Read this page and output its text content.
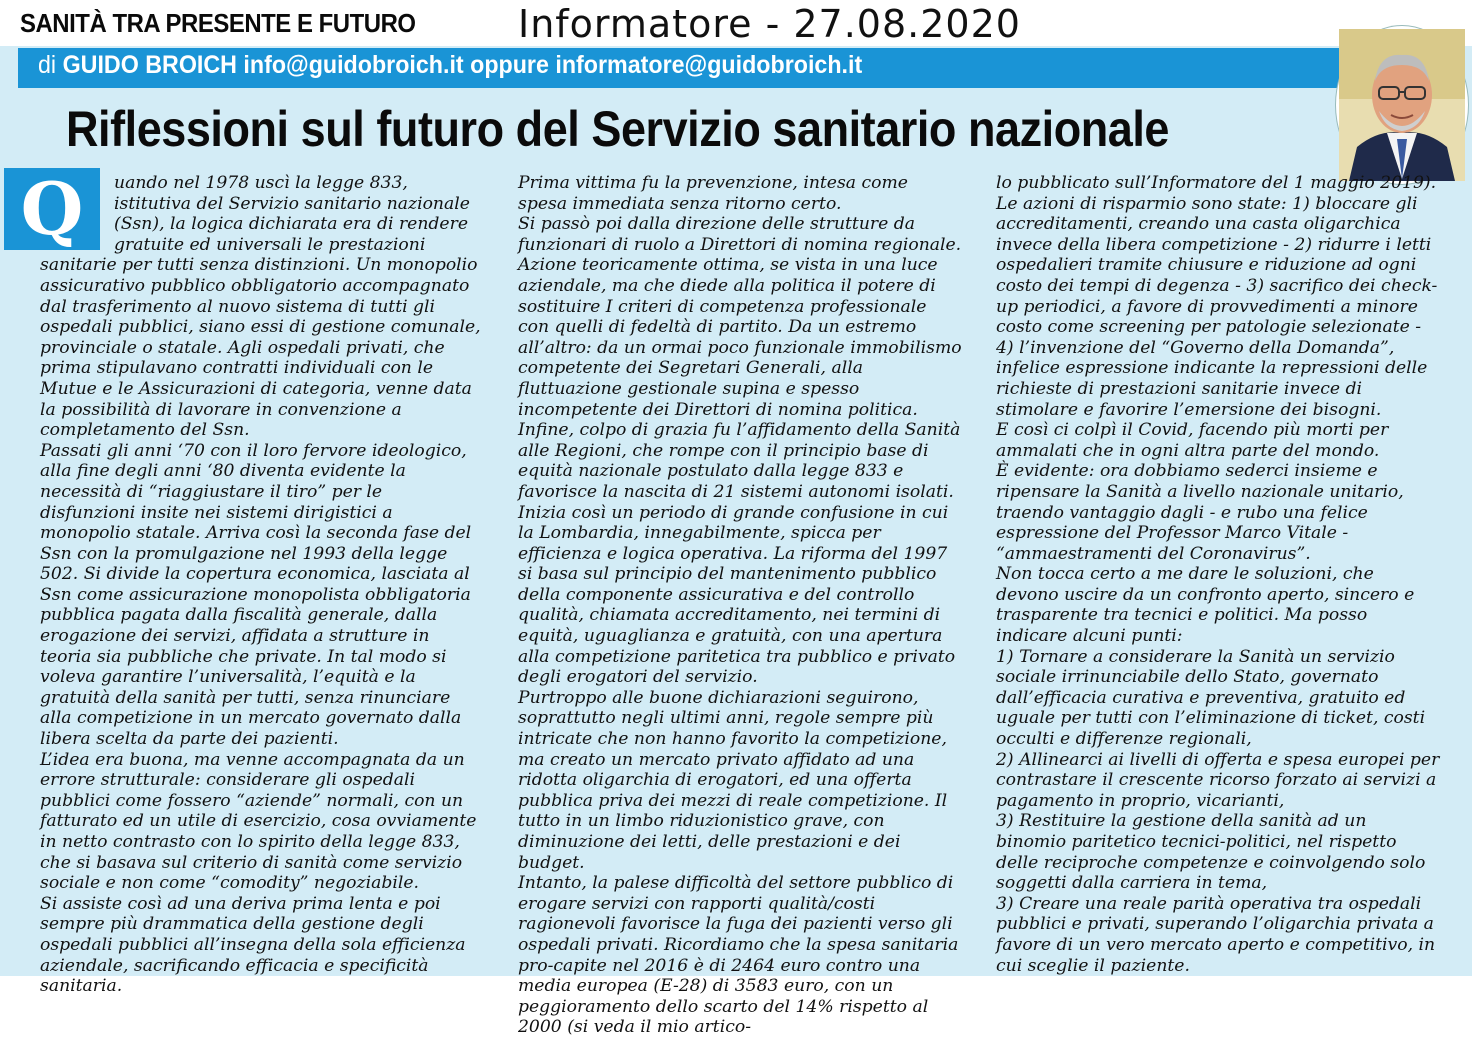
SANITÀ TRA PRESENTE E FUTURO	Informatore - 27.08.2020
di GUIDO BROICH info@guidobroich.it oppure informatore@guidobroich.it
Riflessioni sul futuro del Servizio sanitario nazionale
Q	uando nel 1978 uscì la legge 833, istitutiva del Servizio sanitario nazionale (Ssn), la logica dichiarata era di rendere gratuite ed universali le prestazioni sanitarie per tutti senza distinzioni. Un monopolio assicurativo pubblico obbligatorio accompagnato dal trasferimento al nuovo sistema di tutti gli ospedali pubblici, siano essi di gestione comunale, provinciale o statale. Agli ospedali privati, che prima stipulavano contratti individuali con le Mutue e le Assicurazioni di categoria, venne data la possibilità di lavorare in convenzione a completamento del Ssn.

Passati gli anni ‘70 con il loro fervore ideologico, alla fine degli anni ‘80 diventa evidente la necessità di “riaggiustare il tiro” per le disfunzioni insite nei sistemi dirigistici a monopolio statale. Arriva così la seconda fase del Ssn con la promulgazione nel 1993 della legge 502. Si divide la copertura economica, lasciata al Ssn come assicurazione monopolista obbligatoria pubblica pagata dalla fiscalità generale, dalla erogazione dei servizi, affidata a strutture in teoria sia pubbliche che private. In tal modo si voleva garantire l’universalità, l’equità e la gratuità della sanità per tutti, senza rinunciare alla competizione in un mercato governato dalla libera scelta da parte dei pazienti.

L’idea era buona, ma venne accompagnata da un errore strutturale: considerare gli ospedali pubblici come fossero “aziende” normali, con un fatturato ed un utile di esercizio, cosa ovviamente in netto contrasto con lo spirito della legge 833, che si basava sul criterio di sanità come servizio sociale e non come “comodity” negoziabile.

Si assiste così ad una deriva prima lenta e poi sempre più drammatica della gestione degli ospedali pubblici all’insegna della sola efficienza aziendale, sacrificando efficacia e specificità sanitaria.

Prima vittima fu la prevenzione, intesa come spesa immediata senza ritorno certo.

Si passò poi dalla direzione delle strutture da funzionari di ruolo a Direttori di nomina regionale. Azione teoricamente ottima, se vista in una luce aziendale, ma che diede alla politica il potere di sostituire I criteri di competenza professionale con quelli di fedeltà di partito. Da un estremo all’altro: da un ormai poco funzionale immobilismo competente dei Segretari Generali, alla fluttuazione gestionale supina e spesso incompetente dei Direttori di nomina politica.

Infine, colpo di grazia fu l’affidamento della Sanità alle Regioni, che rompe con il principio base di equità nazionale postulato dalla legge 833 e favorisce la nascita di 21 sistemi autonomi isolati.

Inizia così un periodo di grande confusione in cui la Lombardia, innegabilmente, spicca per efficienza e logica operativa. La riforma del 1997 si basa sul principio del mantenimento pubblico della componente assicurativa e del controllo qualità, chiamata accreditamento, nei termini di equità, uguaglianza e gratuità, con una apertura alla competizione paritetica tra pubblico e privato degli erogatori del servizio.

Purtroppo alle buone dichiarazioni seguirono, soprattutto negli ultimi anni, regole sempre più intricate che non hanno favorito la competizione, ma creato un mercato privato affidato ad una ridotta oligarchia di erogatori, ed una offerta pubblica priva dei mezzi di reale competizione. Il tutto in un limbo riduzionistico grave, con diminuzione dei letti, delle prestazioni e dei budget.

Intanto, la palese difficoltà del settore pubblico di erogare servizi con rapporti qualità/costi ragionevoli favorisce la fuga dei pazienti verso gli ospedali privati. Ricordiamo che la spesa sanitaria pro-capite nel 2016 è di 2464 euro contro una media europea (E-28) di 3583 euro, con un peggioramento dello scarto del 14% rispetto al 2000 (si veda il mio artico-

lo pubblicato sull’Informatore del 1 maggio 2019).

Le azioni di risparmio sono state: 1) bloccare gli accreditamenti, creando una casta oligarchica invece della libera competizione - 2) ridurre i letti ospedalieri tramite chiusure e riduzione ad ogni costo dei tempi di degenza - 3) sacrifico dei check-up periodici, a favore di provvedimenti a minore costo come screening per patologie selezionate - 4) l’invenzione del “Governo della Domanda”, infelice espressione indicante la repressioni delle richieste di prestazioni sanitarie invece di stimolare e favorire l’emersione dei bisogni.

E così ci colpì il Covid, facendo più morti per ammalati che in ogni altra parte del mondo.

È evidente: ora dobbiamo sederci insieme e ripensare la Sanità a livello nazionale unitario, traendo vantaggio dagli - e rubo una felice espressione del Professor Marco Vitale - “ammaestramenti del Coronavirus”.

Non tocca certo a me dare le soluzioni, che devono uscire da un confronto aperto, sincero e trasparente tra tecnici e politici. Ma posso indicare alcuni punti:

1) Tornare a considerare la Sanità un servizio sociale irrinunciabile dello Stato, governato dall’efficacia curativa e preventiva, gratuito ed uguale per tutti con l’eliminazione di ticket, costi occulti e differenze regionali,

2) Allinearci ai livelli di offerta e spesa europei per contrastare il crescente ricorso forzato ai servizi a pagamento in proprio, vicarianti,

3) Restituire la gestione della sanità ad un binomio paritetico tecnici-politici, nel rispetto delle reciproche competenze e coinvolgendo solo soggetti dalla carriera in tema,

3) Creare una reale parità operativa tra ospedali pubblici e privati, superando l’oligarchia privata a favore di un vero mercato aperto e competitivo, in cui sceglie il paziente.
